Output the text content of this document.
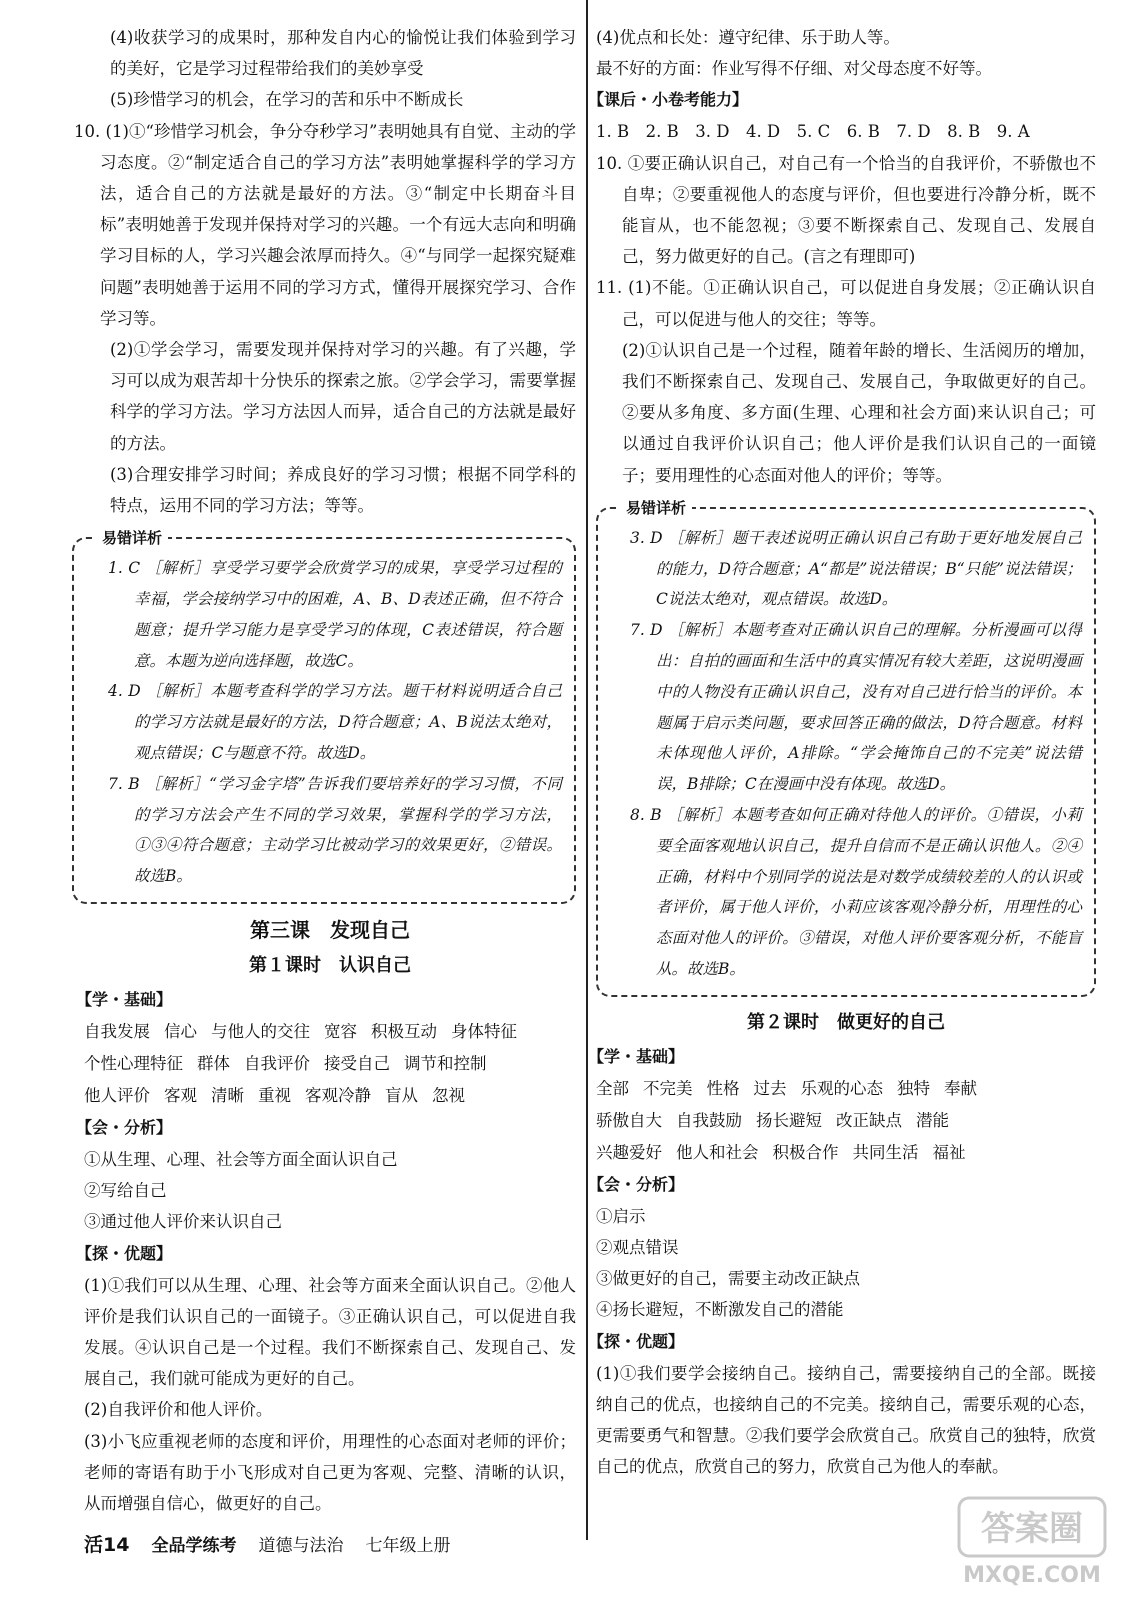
(4)收获学习的成果时，那种发自内心的愉悦让我们体验到学习的美好，它是学习过程带给我们的美妙享受

(5)珍惜学习的机会，在学习的苦和乐中不断成长

10. (1)①“珍惜学习机会，争分夺秒学习”表明她具有自觉、主动的学习态度。②“制定适合自己的学习方法”表明她掌握科学的学习方法，适合自己的方法就是最好的方法。③“制定中长期奋斗目标”表明她善于发现并保持对学习的兴趣。一个有远大志向和明确学习目标的人，学习兴趣会浓厚而持久。④“与同学一起探究疑难问题”表明她善于运用不同的学习方式，懂得开展探究学习、合作学习等。

(2)①学会学习，需要发现并保持对学习的兴趣。有了兴趣，学习可以成为艰苦却十分快乐的探索之旅。②学会学习，需要掌握科学的学习方法。学习方法因人而异，适合自己的方法就是最好的方法。

(3)合理安排学习时间；养成良好的学习习惯；根据不同学科的特点，运用不同的学习方法；等等。

易错详析

1. C ［解析］享受学习要学会欣赏学习的成果，享受学习过程的幸福，学会接纳学习中的困难，A、B、D表述正确，但不符合题意；提升学习能力是享受学习的体现，C表述错误，符合题意。本题为逆向选择题，故选C。

4. D ［解析］本题考查科学的学习方法。题干材料说明适合自己的学习方法就是最好的方法，D符合题意；A、B说法太绝对，观点错误；C与题意不符。故选D。

7. B ［解析］“学习金字塔”告诉我们要培养好的学习习惯，不同的学习方法会产生不同的学习效果，掌握科学的学习方法，①③④符合题意；主动学习比被动学习的效果更好，②错误。故选B。

第三课　发现自己

第１课时　认识自己

【学・基础】

自我发展 信心 与他人的交往 宽容 积极互动 身体特征

个性心理特征 群体 自我评价 接受自己 调节和控制

他人评价 客观 清晰 重视 客观冷静 盲从 忽视

【会・分析】

①从生理、心理、社会等方面全面认识自己

②写给自己

③通过他人评价来认识自己

【探・优题】

(1)①我们可以从生理、心理、社会等方面来全面认识自己。②他人评价是我们认识自己的一面镜子。③正确认识自己，可以促进自我发展。④认识自己是一个过程。我们不断探索自己、发现自己、发展自己，我们就可能成为更好的自己。

(2)自我评价和他人评价。

(3)小飞应重视老师的态度和评价，用理性的心态面对老师的评价；老师的寄语有助于小飞形成对自己更为客观、完整、清晰的认识，从而增强自信心，做更好的自己。

(4)优点和长处：遵守纪律、乐于助人等。

最不好的方面：作业写得不仔细、对父母态度不好等。

【课后・小卷考能力】

1. B　2. B　3. D　4. D　5. C　6. B　7. D　8. B　9. A

10. ①要正确认识自己，对自己有一个恰当的自我评价，不骄傲也不自卑；②要重视他人的态度与评价，但也要进行冷静分析，既不能盲从，也不能忽视；③要不断探索自己、发现自己、发展自己，努力做更好的自己。(言之有理即可)

11. (1)不能。①正确认识自己，可以促进自身发展；②正确认识自己，可以促进与他人的交往；等等。

(2)①认识自己是一个过程，随着年龄的增长、生活阅历的增加，我们不断探索自己、发现自己、发展自己，争取做更好的自己。②要从多角度、多方面(生理、心理和社会方面)来认识自己；可以通过自我评价认识自己；他人评价是我们认识自己的一面镜子；要用理性的心态面对他人的评价；等等。

易错详析

3. D ［解析］题干表述说明正确认识自己有助于更好地发展自己的能力，D符合题意；A“都是”说法错误；B“只能”说法错误；C说法太绝对，观点错误。故选D。

7. D ［解析］本题考查对正确认识自己的理解。分析漫画可以得出：自拍的画面和生活中的真实情况有较大差距，这说明漫画中的人物没有正确认识自己，没有对自己进行恰当的评价。本题属于启示类问题，要求回答正确的做法，D符合题意。材料未体现他人评价，A排除。“学会掩饰自己的不完美”说法错误，B排除；C在漫画中没有体现。故选D。

8. B ［解析］本题考查如何正确对待他人的评价。①错误，小莉要全面客观地认识自己，提升自信而不是正确认识他人。②④正确，材料中个别同学的说法是对数学成绩较差的人的认识或者评价，属于他人评价，小莉应该客观冷静分析，用理性的心态面对他人的评价。③错误，对他人评价要客观分析，不能盲从。故选B。

第２课时　做更好的自己

【学・基础】

全部 不完美 性格 过去 乐观的心态 独特 奉献

骄傲自大 自我鼓励 扬长避短 改正缺点 潜能

兴趣爱好 他人和社会 积极合作 共同生活 福祉

【会・分析】

①启示

②观点错误

③做更好的自己，需要主动改正缺点

④扬长避短，不断激发自己的潜能

【探・优题】

(1)①我们要学会接纳自己。接纳自己，需要接纳自己的全部。既接纳自己的优点，也接纳自己的不完美。接纳自己，需要乐观的心态，更需要勇气和智慧。②我们要学会欣赏自己。欣赏自己的独特，欣赏自己的优点，欣赏自己的努力，欣赏自己为他人的奉献。

活14 全品学练考 道德与法治 七年级上册	答案圈
MXQE.COM
